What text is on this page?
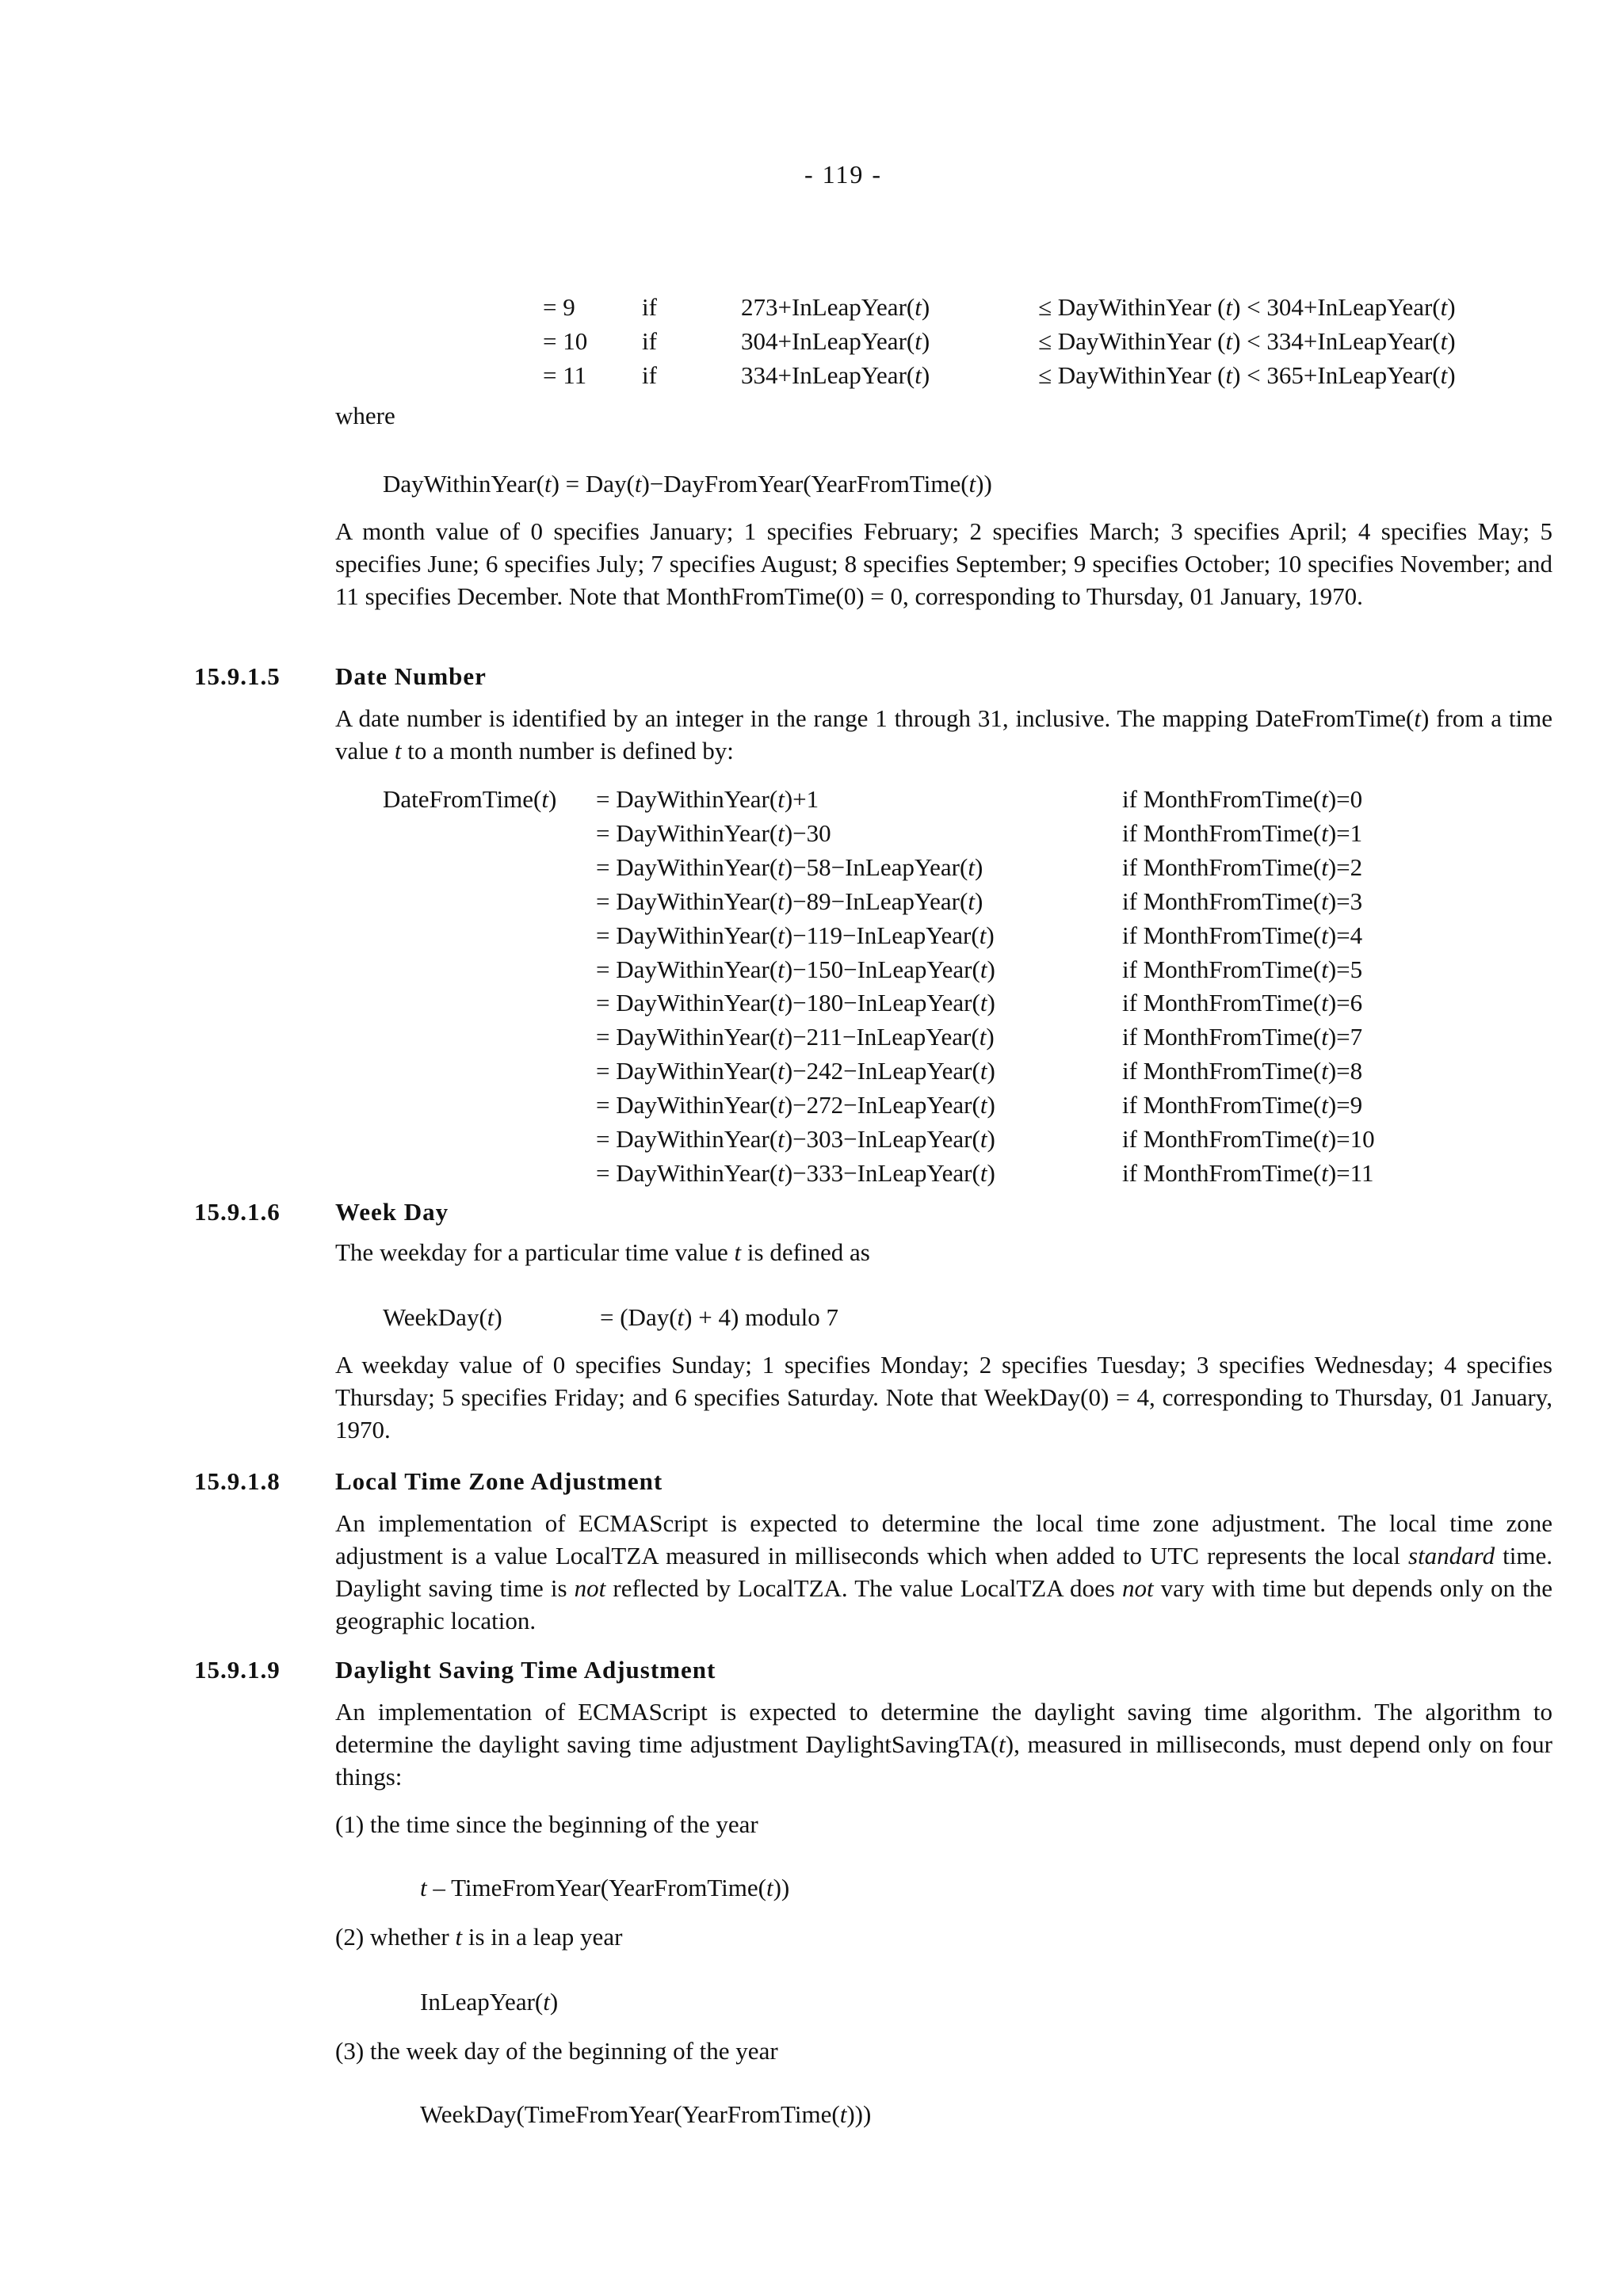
- 119 -
= 9	if	273+InLeapYear(t)	≤ DayWithinYear (t) < 304+InLeapYear(t)
= 10 if	304+InLeapYear(t)	≤ DayWithinYear (t) < 334+InLeapYear(t)
= 11 if	334+InLeapYear(t)	≤ DayWithinYear (t) < 365+InLeapYear(t)
where
DayWithinYear(t) = Day(t)−DayFromYear(YearFromTime(t))
A month value of 0 specifies January; 1 specifies February; 2 specifies March; 3 specifies April; 4 specifies May; 5 specifies June; 6 specifies July; 7 specifies August; 8 specifies September; 9 specifies October; 10 specifies November; and 11 specifies December. Note that MonthFromTime(0) = 0, corresponding to Thursday, 01 January, 1970.
15.9.1.5 Date Number
A date number is identified by an integer in the range 1 through 31, inclusive. The mapping DateFromTime(t) from a time value t to a month number is defined by:
DateFromTime(t) = DayWithinYear(t)+1	if MonthFromTime(t)=0
= DayWithinYear(t)−30	if MonthFromTime(t)=1
= DayWithinYear(t)−58−InLeapYear(t)	if MonthFromTime(t)=2
= DayWithinYear(t)−89−InLeapYear(t)	if MonthFromTime(t)=3
= DayWithinYear(t)−119−InLeapYear(t)	if MonthFromTime(t)=4
= DayWithinYear(t)−150−InLeapYear(t)	if MonthFromTime(t)=5
= DayWithinYear(t)−180−InLeapYear(t)	if MonthFromTime(t)=6
= DayWithinYear(t)−211−InLeapYear(t)	if MonthFromTime(t)=7
= DayWithinYear(t)−242−InLeapYear(t)	if MonthFromTime(t)=8
= DayWithinYear(t)−272−InLeapYear(t)	if MonthFromTime(t)=9
= DayWithinYear(t)−303−InLeapYear(t)	if MonthFromTime(t)=10
= DayWithinYear(t)−333−InLeapYear(t)	if MonthFromTime(t)=11
15.9.1.6 Week Day
The weekday for a particular time value t is defined as
WeekDay(t)	= (Day(t) + 4) modulo 7
A weekday value of 0 specifies Sunday; 1 specifies Monday; 2 specifies Tuesday; 3 specifies Wednesday; 4 specifies Thursday; 5 specifies Friday; and 6 specifies Saturday. Note that WeekDay(0) = 4, corresponding to Thursday, 01 January, 1970.
15.9.1.8 Local Time Zone Adjustment
An implementation of ECMAScript is expected to determine the local time zone adjustment. The local time zone adjustment is a value LocalTZA measured in milliseconds which when added to UTC represents the local standard time. Daylight saving time is not reflected by LocalTZA. The value LocalTZA does not vary with time but depends only on the geographic location.
15.9.1.9 Daylight Saving Time Adjustment
An implementation of ECMAScript is expected to determine the daylight saving time algorithm. The algorithm to determine the daylight saving time adjustment DaylightSavingTA(t), measured in milliseconds, must depend only on four things:
(1) the time since the beginning of the year
t – TimeFromYear(YearFromTime(t))
(2) whether t is in a leap year
InLeapYear(t)
(3) the week day of the beginning of the year
WeekDay(TimeFromYear(YearFromTime(t)))
